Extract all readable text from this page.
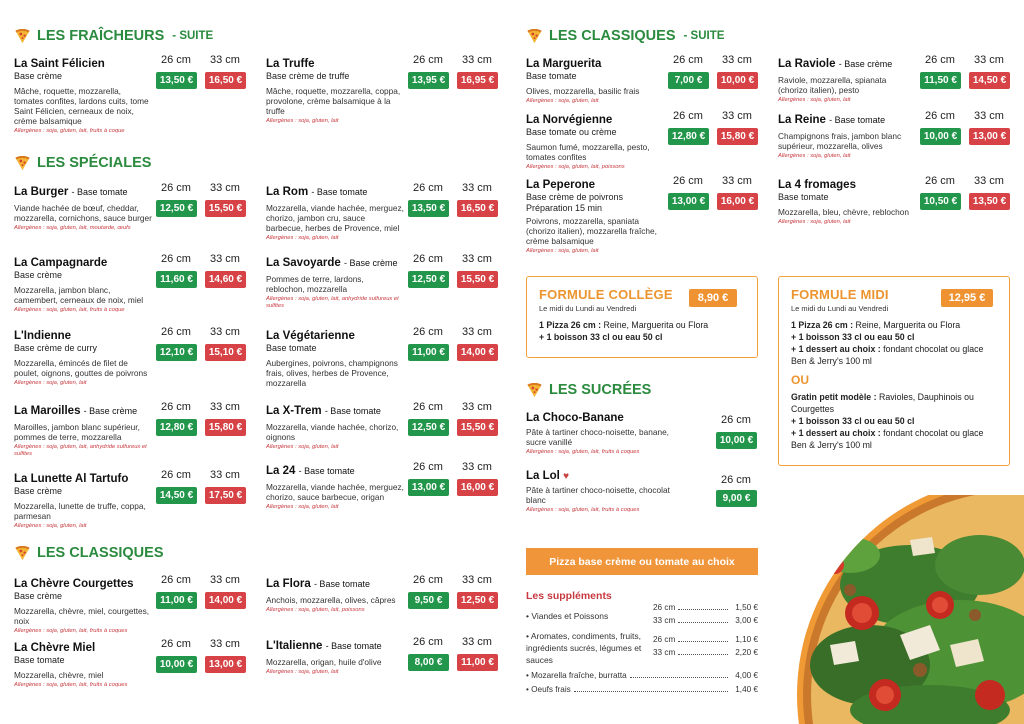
LES FRAÎCHEURS - SUITE
LES SPÉCIALES
LES CLASSIQUES
LES CLASSIQUES - SUITE
LES SUCRÉES
La Saint Félicien
Base crème
Mâche, roquette, mozzarella, tomates confites, lardons cuits, tome Saint Félicien, cerneaux de noix, crème balsamique
Allergènes : soja, gluten, lait, fruits à coque
26 cm	33 cm
13,50 €	16,50 €
La Truffe
Base crème de truffe
Mâche, roquette, mozzarella, coppa, provolone, crème balsamique à la truffe
Allergènes : soja, gluten, lait
26 cm	33 cm
13,95 €	16,95 €
La Burger - Base tomate
Viande hachée de bœuf, cheddar, mozzarella, cornichons, sauce burger
Allergènes : soja, gluten, lait, moutarde, œufs
26 cm	33 cm
12,50 €	15,50 €
La Rom - Base tomate
Mozzarella, viande hachée, merguez, chorizo, jambon cru, sauce barbecue, herbes de Provence, miel
Allergènes : soja, gluten, lait
26 cm	33 cm
13,50 €	16,50 €
La Campagnarde
Base crème
Mozzarella, jambon blanc, camembert, cerneaux de noix, miel
Allergènes : soja, gluten, lait, fruits à coque
26 cm	33 cm
11,60 €	14,60 €
La Savoyarde - Base crème
Pommes de terre, lardons, reblochon, mozzarella
Allergènes : soja, gluten, lait, anhydride sulfureux et sulfites
26 cm	33 cm
12,50 €	15,50 €
L'Indienne
Base crème de curry
Mozzarella, émincés de filet de poulet, oignons, gouttes de poivrons
Allergènes : soja, gluten, lait
26 cm	33 cm
12,10 €	15,10 €
La Végétarienne
Base tomate
Aubergines, poivrons, champignons frais, olives, herbes de Provence, mozzarella
26 cm	33 cm
11,00 €	14,00 €
La Maroilles - Base crème
Maroilles, jambon blanc supérieur, pommes de terre, mozzarella
Allergènes : soja, gluten, lait, anhydride sulfureux et sulfites
26 cm	33 cm
12,80 €	15,80 €
La X-Trem - Base tomate
Mozzarella, viande hachée, chorizo, oignons
Allergènes : soja, gluten, lait
26 cm	33 cm
12,50 €	15,50 €
La Lunette Al Tartufo
Base crème
Mozzarella, lunette de truffe, coppa, parmesan
Allergènes : soja, gluten, lait
26 cm	33 cm
14,50 €	17,50 €
La 24 - Base tomate
Mozzarella, viande hachée, merguez, chorizo, sauce barbecue, origan
Allergènes : soja, gluten, lait
26 cm	33 cm
13,00 €	16,00 €
La Chèvre Courgettes
Base crème
Mozzarella, chèvre, miel, courgettes, noix
Allergènes : soja, gluten, lait, fruits à coques
26 cm	33 cm
11,00 €	14,00 €
La Flora - Base tomate
Anchois, mozzarella, olives, câpres
Allergènes : soja, gluten, lait, poissons
26 cm	33 cm
9,50 €	12,50 €
La Chèvre Miel
Base tomate
Mozzarella, chèvre, miel
Allergènes : soja, gluten, lait, fruits à coques
26 cm	33 cm
10,00 €	13,00 €
L'Italienne - Base tomate
Mozzarella, origan, huile d'olive
Allergènes : soja, gluten, lait
26 cm	33 cm
8,00 €	11,00 €
La Marguerita
Base tomate
Olives, mozzarella, basilic frais
Allergènes : soja, gluten, lait
26 cm	33 cm
7,00 €	10,00 €
La Raviole - Base crème
Raviole, mozzarella, spianata (chorizo italien), pesto
Allergènes : soja, gluten, lait
26 cm	33 cm
11,50 €	14,50 €
La Norvégienne
Base tomate ou crème
Saumon fumé, mozzarella, pesto, tomates confites
Allergènes : soja, gluten, lait, poissons
26 cm	33 cm
12,80 €	15,80 €
La Reine - Base tomate
Champignons frais, jambon blanc supérieur, mozzarella, olives
Allergènes : soja, gluten, lait
26 cm	33 cm
10,00 €	13,00 €
La Peperone
Base crème de poivrons
Préparation 15 min
Poivrons, mozzarella, spaniata (chorizo italien), mozzarella fraîche, crème balsamique
Allergènes : soja, gluten, lait
26 cm	33 cm
13,00 €	16,00 €
La 4 fromages
Base tomate
Mozzarella, bleu, chèvre, reblochon
Allergènes : soja, gluten, lait
26 cm	33 cm
10,50 €	13,50 €
FORMULE COLLÈGE
Le midi du Lundi au Vendredi
8,90 €
1 Pizza 26 cm : Reine, Marguerita ou Flora
+ 1 boisson 33 cl ou eau 50 cl
FORMULE MIDI
Le midi du Lundi au Vendredi
12,95 €
1 Pizza 26 cm : Reine, Marguerita ou Flora
+ 1 boisson 33 cl ou eau 50 cl
+ 1 dessert au choix : fondant chocolat ou glace Ben & Jerry's 100 ml
OU
Gratin petit modèle : Ravioles, Dauphinois ou Courgettes
+ 1 boisson 33 cl ou eau 50 cl
+ 1 dessert au choix : fondant chocolat ou glace Ben & Jerry's 100 ml
La Choco-Banane
Pâte à tartiner choco-noisette, banane, sucre vanillé
Allergènes : soja, gluten, lait, fruits à coques
26 cm
10,00 €
La Lol ♥
Pâte à tartiner choco-noisette, chocolat blanc
Allergènes : soja, gluten, lait, fruits à coques
26 cm
9,00 €
Pizza base crème ou tomate au choix
Les suppléments
• Viandes et Poissons
26 cm	1,50 €
33 cm	3,00 €
• Aromates, condiments, fruits, ingrédients sucrés, légumes et sauces
26 cm	1,10 €
33 cm	2,20 €
• Mozarella fraîche, burratta	4,00 €
• Oeufs frais	1,40 €
